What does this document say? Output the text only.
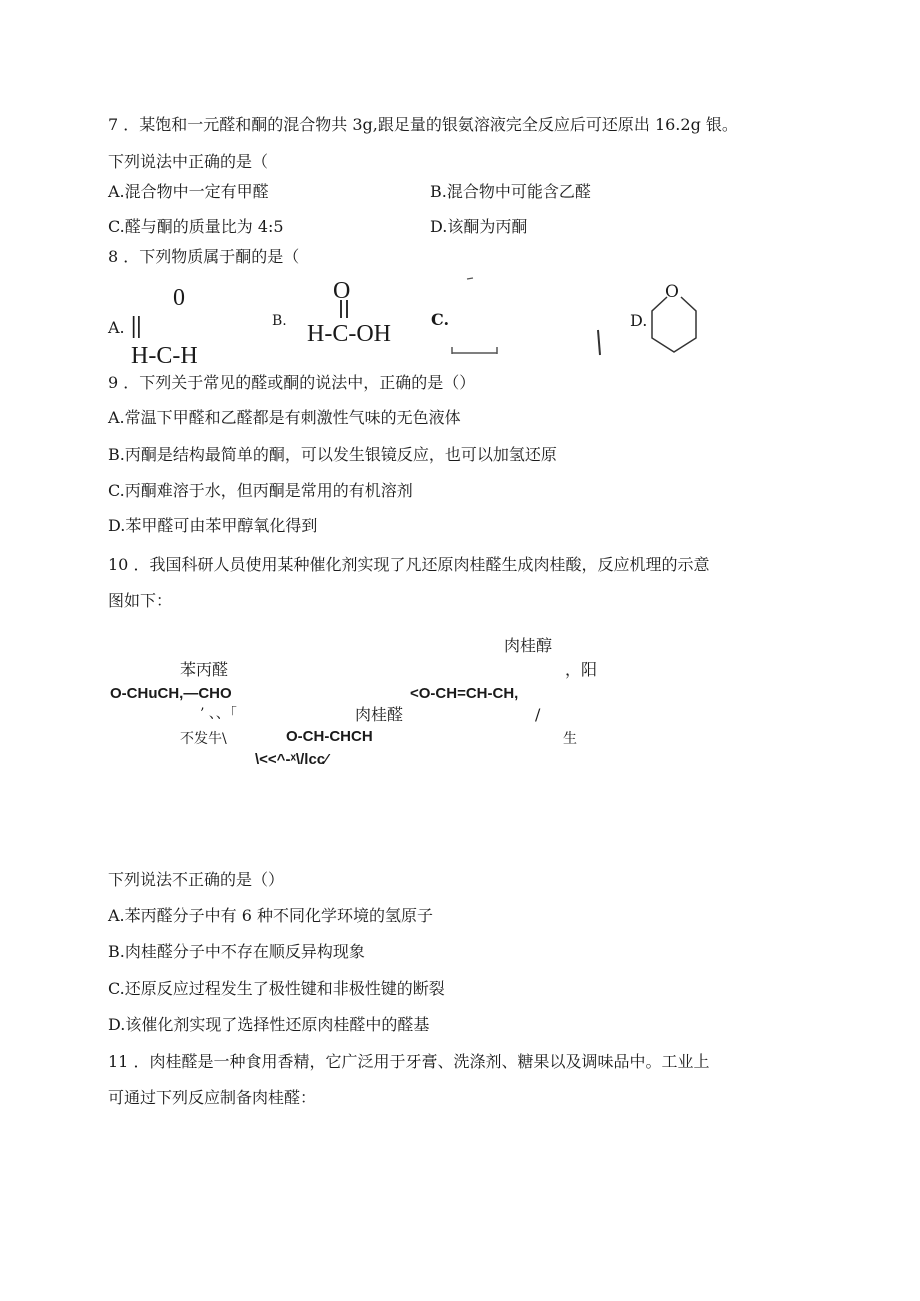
7 ．某饱和一元醛和酮的混合物共 3g,跟足量的银氨溶液完全反应后可还原出 16.2g 银。
下列说法中正确的是（
A.混合物中一定有甲醛	B.混合物中可能含乙醛
C.醛与酮的质量比为 4:5	D.该酮为丙酮
8 ．下列物质属于酮的是（
A.
0
||
H-C-H
B.
O
H-C-OH
C.	D.
O
9 ．下列关于常见的醛或酮的说法中，正确的是（）
A.常温下甲醛和乙醛都是有刺激性气味的无色液体
B.丙酮是结构最简单的酮，可以发生银镜反应，也可以加氢还原
C.丙酮难溶于水，但丙酮是常用的有机溶剂
D.苯甲醛可由苯甲醇氧化得到
10 ．我国科研人员使用某种催化剂实现了凡还原肉桂醛生成肉桂酸，反应机理的示意
图如下：
肉桂醇
苯丙醛	，阳
O-CHuCH,—CHO	<O-CH=CH-CH,
’ 、、「	肉桂醛	/
不发牛\	O-CH-CHCH	生
\<<^-ˣ\/lcc⁄
下列说法不正确的是（）
A.苯丙醛分子中有 6 种不同化学环境的氢原子
B.肉桂醛分子中不存在顺反异构现象
C.还原反应过程发生了极性键和非极性键的断裂
D.该催化剂实现了选择性还原肉桂醛中的醛基
11 ．肉桂醛是一种食用香精，它广泛用于牙膏、洗涤剂、糖果以及调味品中。工业上
可通过下列反应制备肉桂醛：
